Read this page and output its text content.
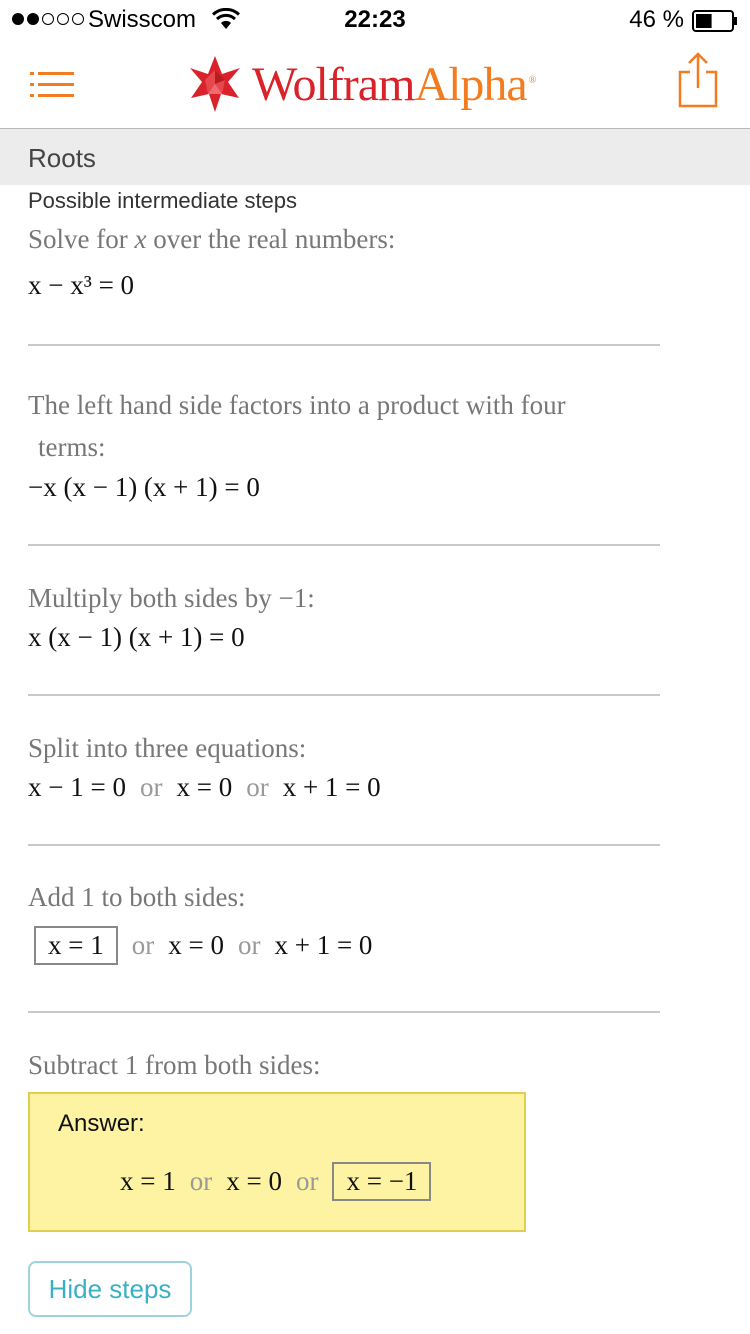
Swisscom	22:23	46 %
WolframAlpha ®
Roots
Possible intermediate steps
Solve for x over the real numbers:
x − x³ = 0
The left hand side factors into a product with four
terms:
−x (x − 1) (x + 1) = 0
Multiply both sides by −1:
x (x − 1) (x + 1) = 0
Split into three equations:
x − 1 = 0 or x = 0 or x + 1 = 0
Add 1 to both sides:
x = 1 or x = 0 or x + 1 = 0
Subtract 1 from both sides:
Answer:
x = 1 or x = 0 or x = −1
Hide steps
